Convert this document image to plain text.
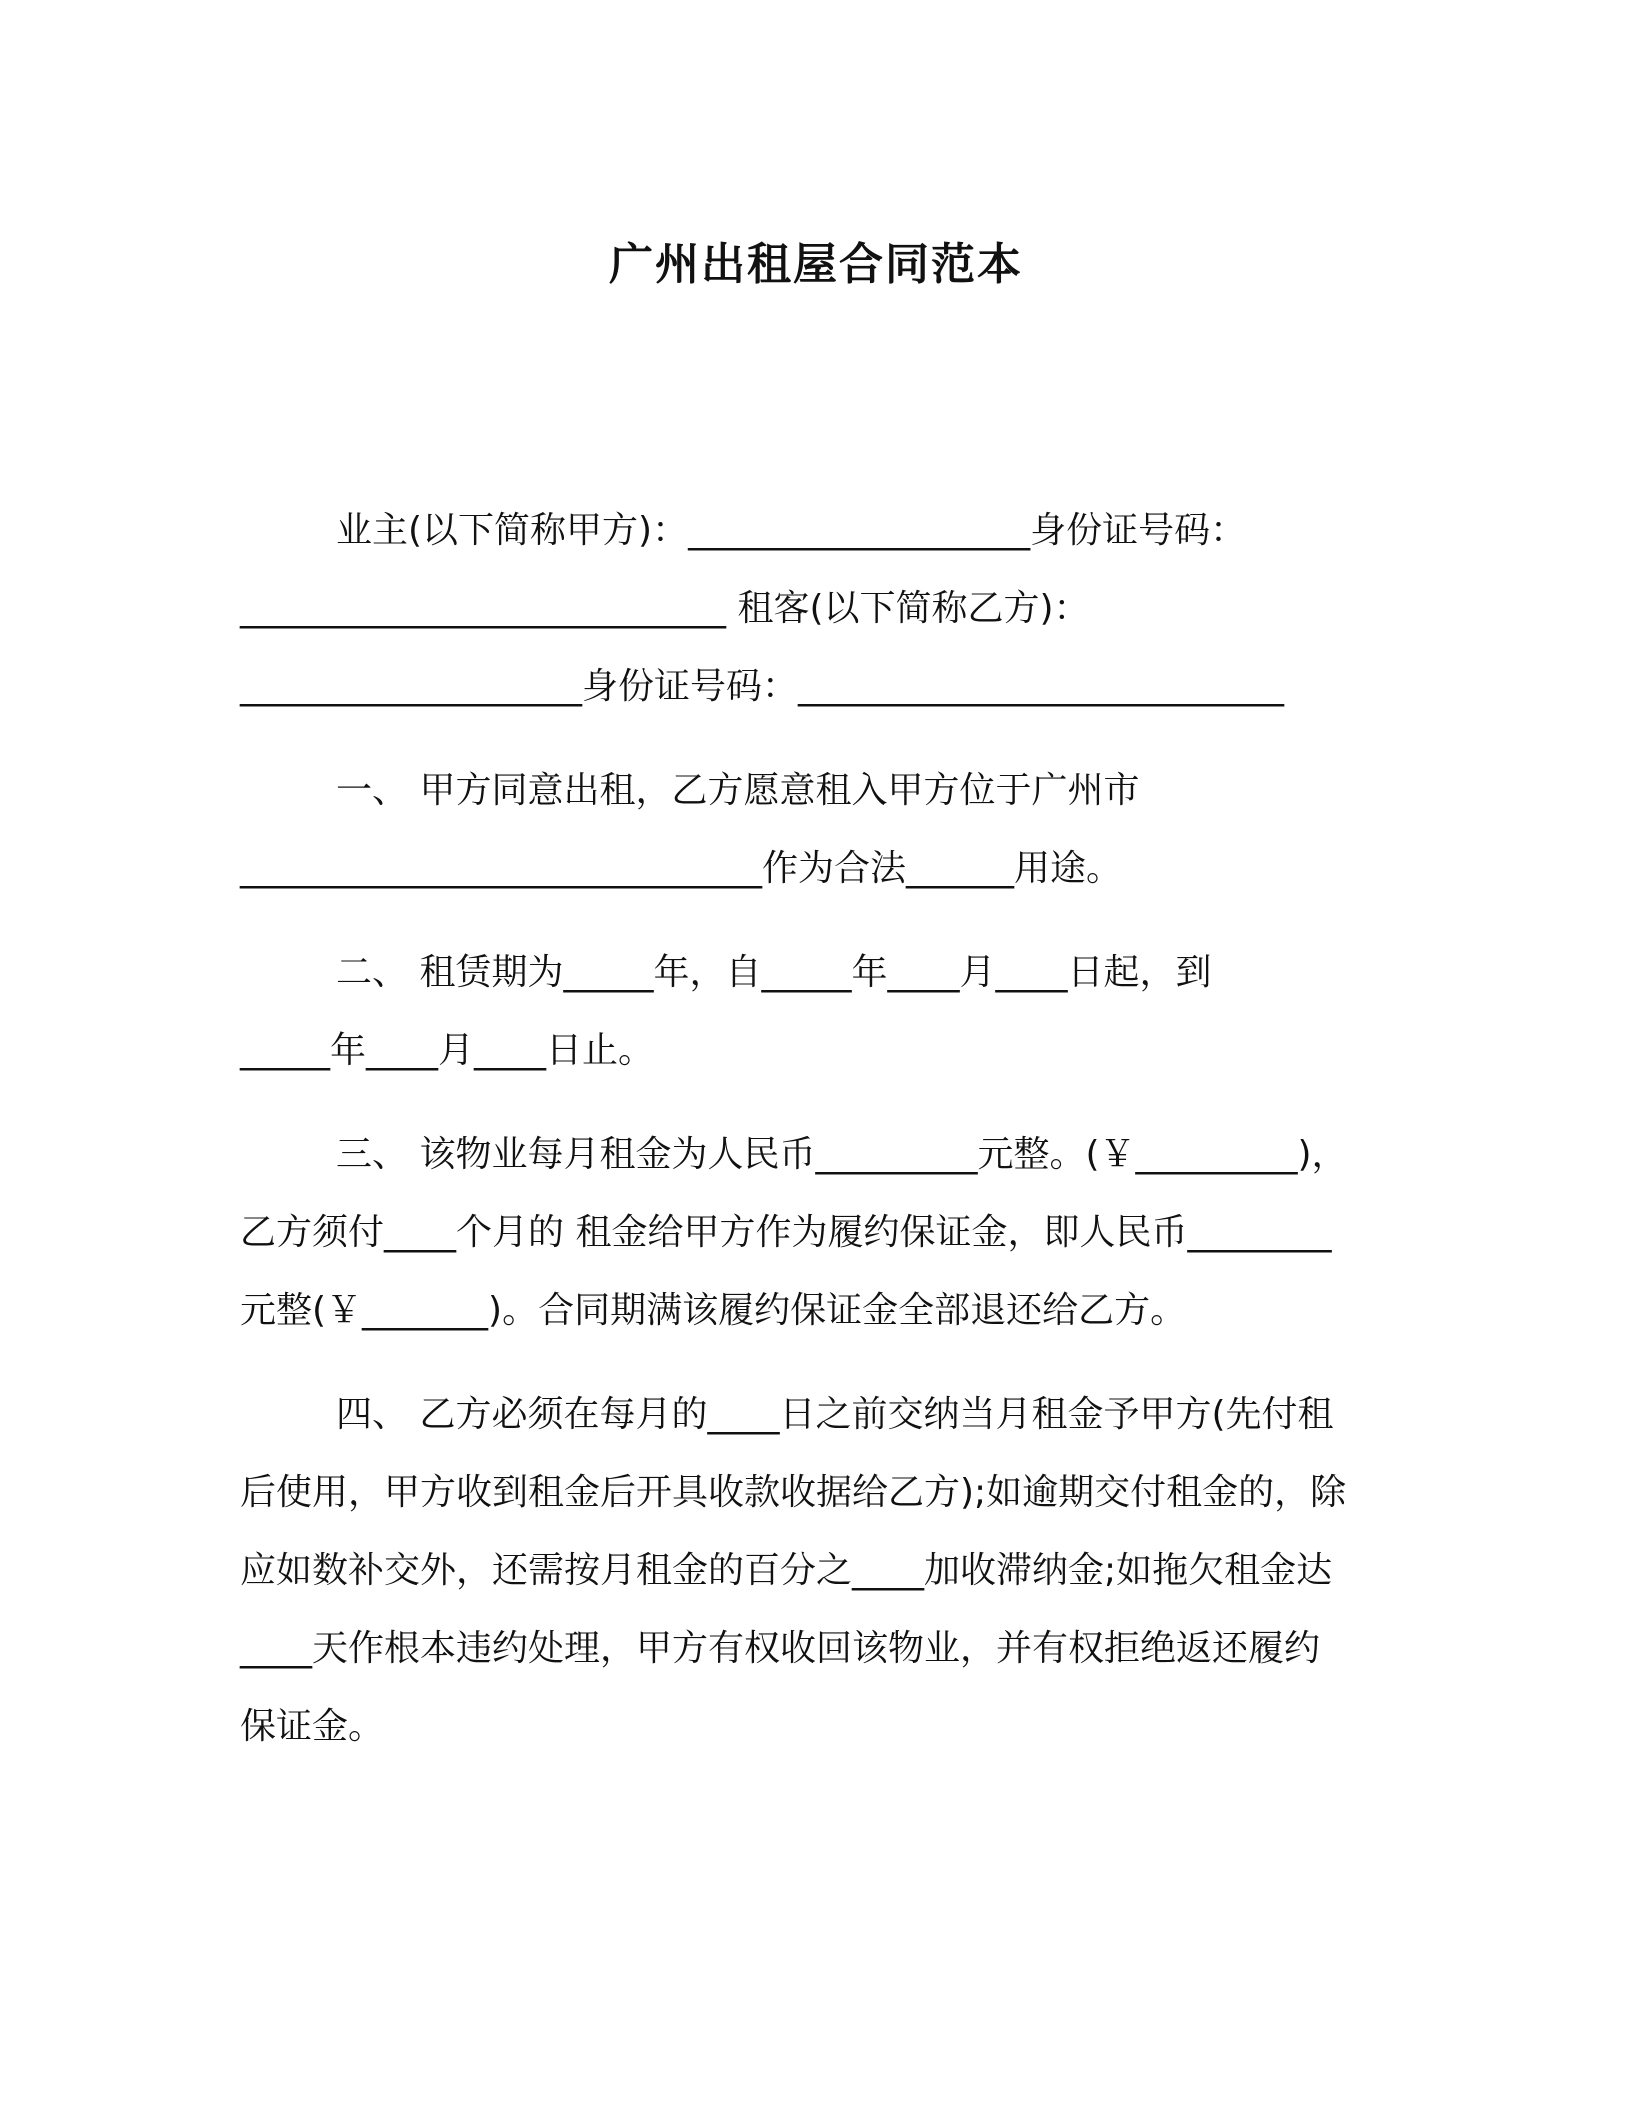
广州出租屋合同范本

业主(以下简称甲方)：___________________身份证号码：
___________________________ 租客(以下简称乙方)：
___________________身份证号码：___________________________

一、 甲方同意出租，乙方愿意租入甲方位于广州市
_____________________________作为合法______用途。

二、 租赁期为_____年，自_____年____月____日起，到
_____年____月____日止。

三、 该物业每月租金为人民币_________元整。(￥_________)，
乙方须付____个月的 租金给甲方作为履约保证金，即人民币________
元整(￥_______)。合同期满该履约保证金全部退还给乙方。

四、 乙方必须在每月的____日之前交纳当月租金予甲方(先付租
后使用，甲方收到租金后开具收款收据给乙方);如逾期交付租金的，除
应如数补交外，还需按月租金的百分之____加收滞纳金;如拖欠租金达
____天作根本违约处理，甲方有权收回该物业，并有权拒绝返还履约
保证金。
